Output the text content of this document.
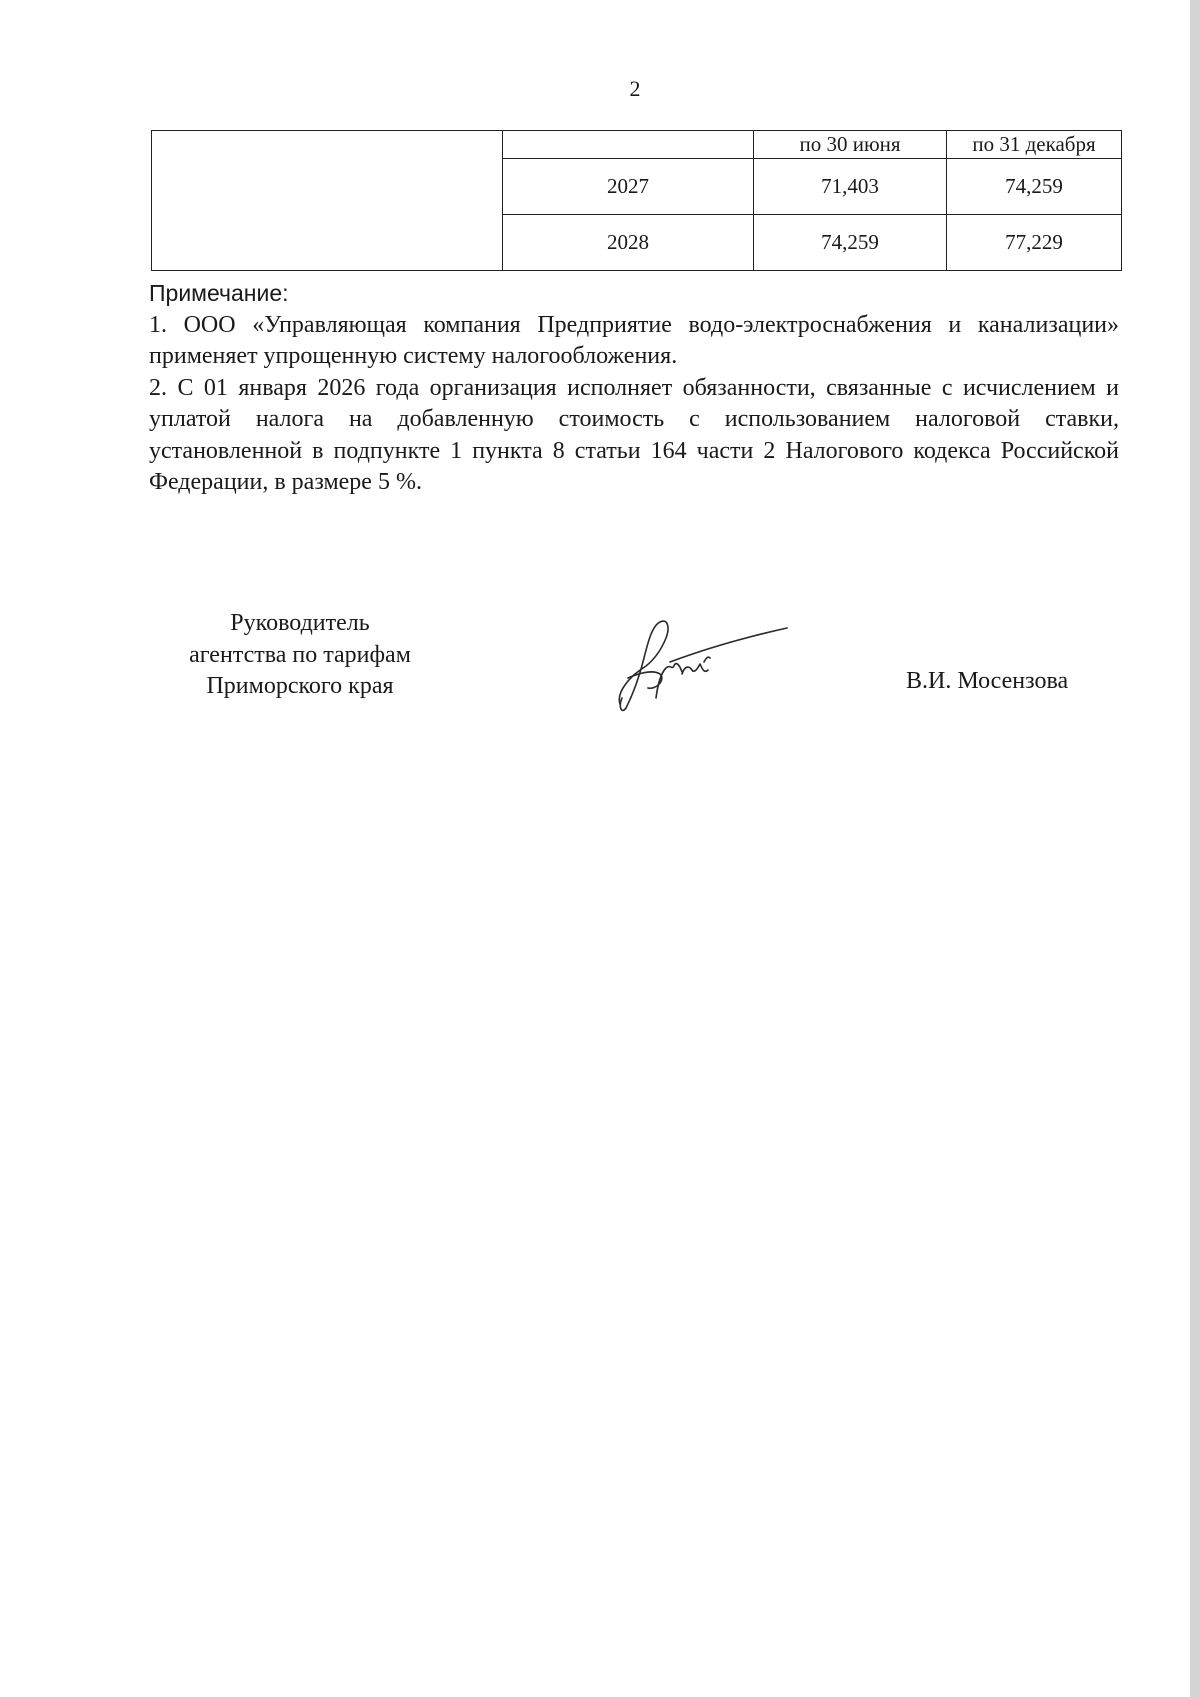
2
		по 30 июня	по 31 декабря
	2027	71,403	74,259
	2028	74,259	77,229
Примечание:

1. ООО «Управляющая компания Предприятие водо-электроснабжения и канализации» применяет упрощенную систему налогообложения.

2. С 01 января 2026 года организация исполняет обязанности, связанные с исчислением и уплатой налога на добавленную стоимость с использованием налоговой ставки, установленной в подпункте 1 пункта 8 статьи 164 части 2 Налогового кодекса Российской Федерации, в размере 5 %.

Руководитель
агентства по тарифам
Приморского края	В.И. Мосензова
